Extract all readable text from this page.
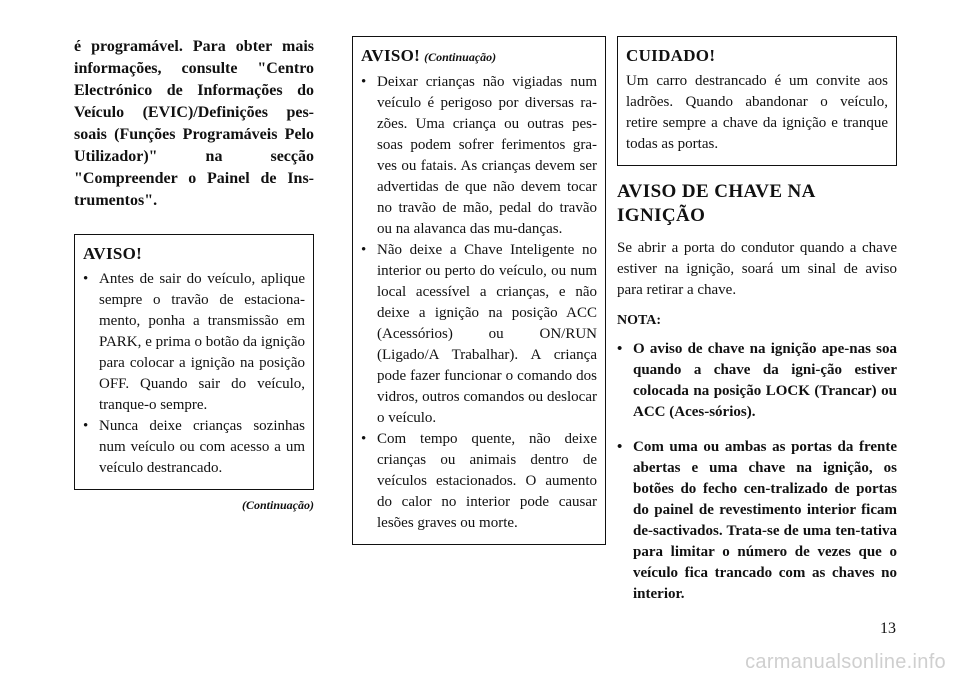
é programável. Para obter mais informações, consulte "Centro Electrónico de Informações do Veículo (EVIC)/Definições pes-soais (Funções Programáveis Pelo Utilizador)" na secção "Compreender o Painel de Ins-trumentos".

AVISO!
• Antes de sair do veículo, aplique sempre o travão de estaciona-mento, ponha a transmissão em PARK, e prima o botão da ignição para colocar a ignição na posição OFF. Quando sair do veículo, tranque-o sempre.
• Nunca deixe crianças sozinhas num veículo ou com acesso a um veículo destrancado.
(Continuação)
AVISO! (Continuação)
• Deixar crianças não vigiadas num veículo é perigoso por diversas ra-zões. Uma criança ou outras pes-soas podem sofrer ferimentos gra-ves ou fatais. As crianças devem ser advertidas de que não devem tocar no travão de mão, pedal do travão ou na alavanca das mu-danças.
• Não deixe a Chave Inteligente no interior ou perto do veículo, ou num local acessível a crianças, e não deixe a ignição na posição ACC (Acessórios) ou ON/RUN (Ligado/A Trabalhar). A criança pode fazer funcionar o comando dos vidros, outros comandos ou deslocar o veículo.
• Com tempo quente, não deixe crianças ou animais dentro de veículos estacionados. O aumento do calor no interior pode causar lesões graves ou morte.
CUIDADO!

Um carro destrancado é um convite aos ladrões. Quando abandonar o veículo, retire sempre a chave da ignição e tranque todas as portas.

AVISO DE CHAVE NA IGNIÇÃO

Se abrir a porta do condutor quando a chave estiver na ignição, soará um sinal de aviso para retirar a chave.

NOTA:
• O aviso de chave na ignição ape-nas soa quando a chave da igni-ção estiver colocada na posição LOCK (Trancar) ou ACC (Aces-sórios).
• Com uma ou ambas as portas da frente abertas e uma chave na ignição, os botões do fecho cen-tralizado de portas do painel de revestimento interior ficam de-sactivados. Trata-se de uma ten-tativa para limitar o número de vezes que o veículo fica trancado com as chaves no interior.
13
carmanualsonline.info
